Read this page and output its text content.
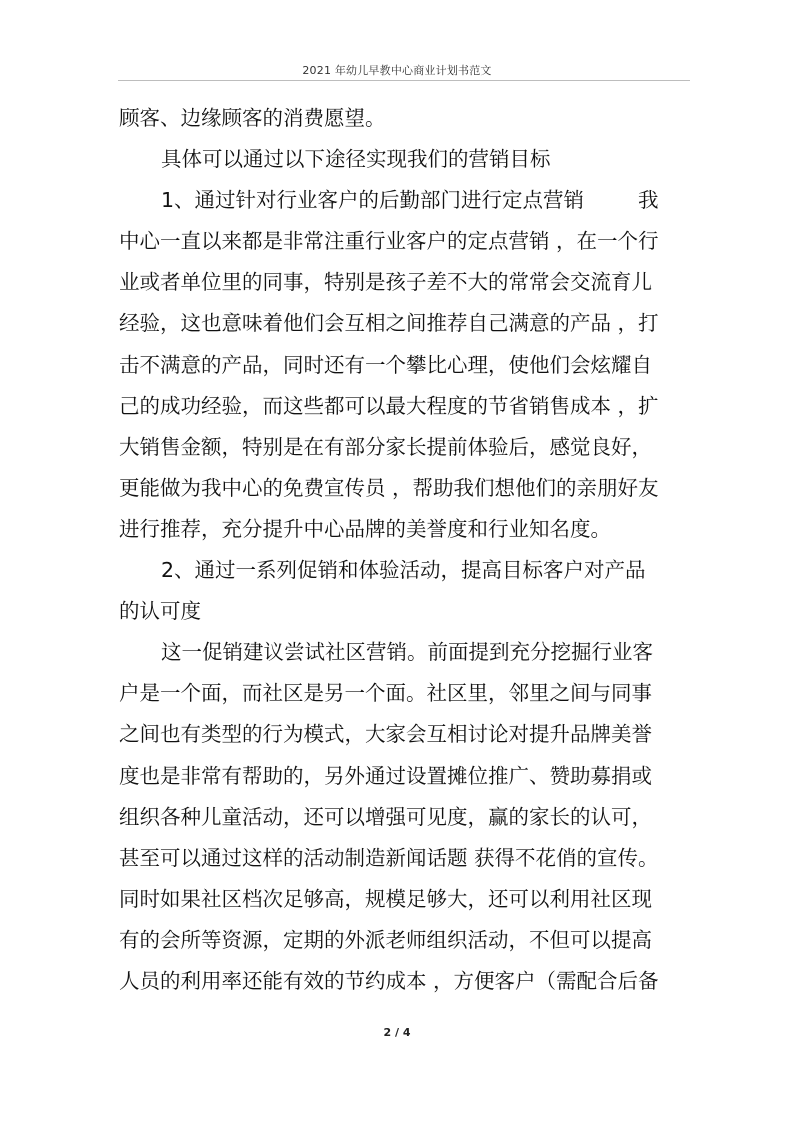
2021 年幼儿早教中心商业计划书范文
顾客、边缘顾客的消费愿望。
具体可以通过以下途径实现我们的营销目标
1、通过针对行业客户的后勤部门进行定点营销	我
中心一直以来都是非常注重行业客户的定点营销 ，在一个行
业或者单位里的同事，特别是孩子差不大的常常会交流育儿
经验，这也意味着他们会互相之间推荐自己满意的产品 ，打
击不满意的产品，同时还有一个攀比心理，使他们会炫耀自
己的成功经验，而这些都可以最大程度的节省销售成本 ，扩
大销售金额，特别是在有部分家长提前体验后，感觉良好，
更能做为我中心的免费宣传员 ，帮助我们想他们的亲朋好友
进行推荐，充分提升中心品牌的美誉度和行业知名度。
2、通过一系列促销和体验活动，提高目标客户对产品
的认可度
这一促销建议尝试社区营销。前面提到充分挖掘行业客
户是一个面，而社区是另一个面。社区里，邻里之间与同事
之间也有类型的行为模式，大家会互相讨论对提升品牌美誉
度也是非常有帮助的，另外通过设置摊位推广、赞助募捐或
组织各种儿童活动，还可以增强可见度，赢的家长的认可，
甚至可以通过这样的活动制造新闻话题 获得不花俏的宣传。
同时如果社区档次足够高，规模足够大，还可以利用社区现
有的会所等资源，定期的外派老师组织活动，不但可以提高
人员的利用率还能有效的节约成本 ，方便客户（需配合后备
2 / 4
